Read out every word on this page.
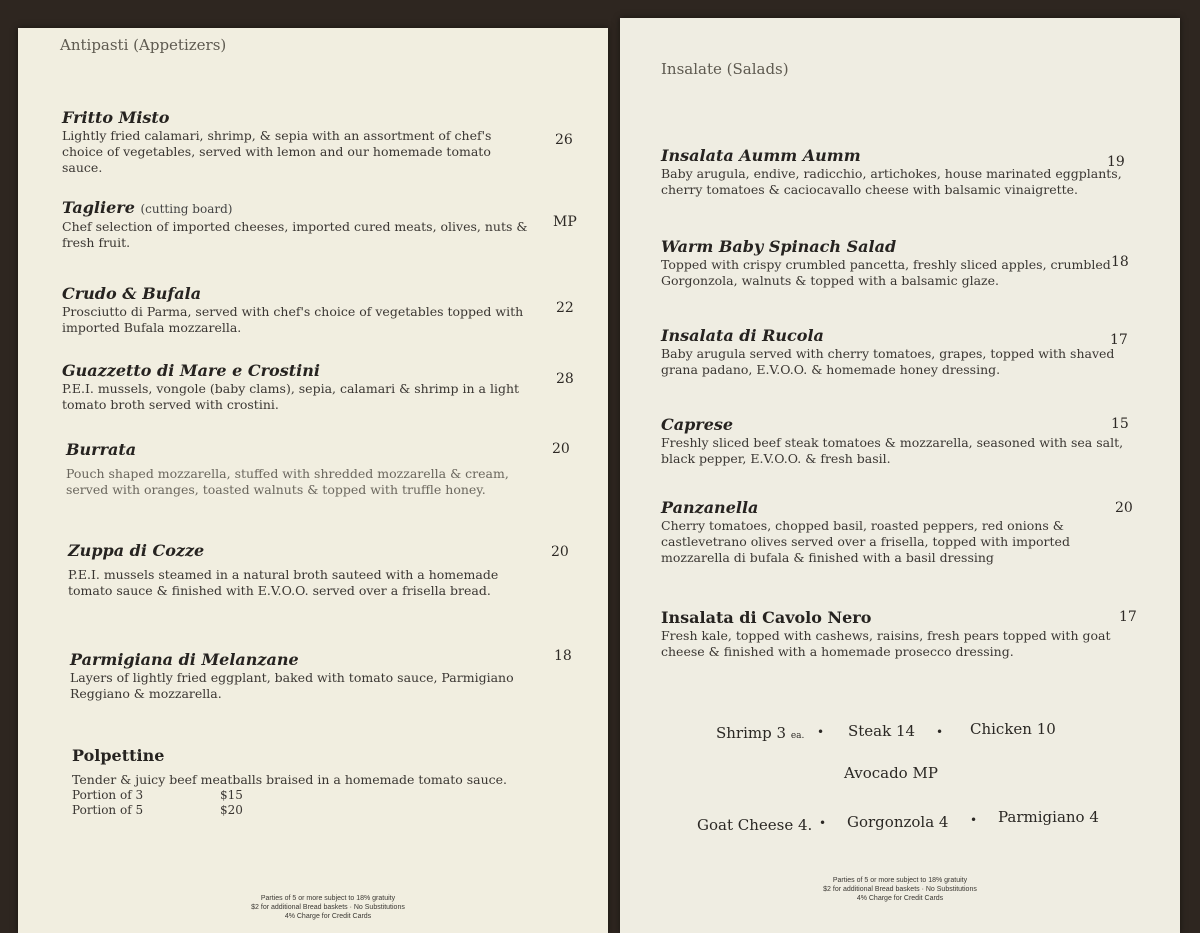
Antipasti (Appetizers)
Fritto Misto
Lightly fried calamari, shrimp, & sepia with an assortment of chef's choice of vegetables, served with lemon and our homemade tomato sauce.
26
Tagliere (cutting board)
Chef selection of imported cheeses, imported cured meats, olives, nuts & fresh fruit.
MP
Crudo & Bufala
Prosciutto di Parma, served with chef's choice of vegetables topped with imported Bufala mozzarella.
22
Guazzetto di Mare e Crostini
P.E.I. mussels, vongole (baby clams), sepia, calamari & shrimp in a light tomato broth served with crostini.
28
Burrata
Pouch shaped mozzarella, stuffed with shredded mozzarella & cream, served with oranges, toasted walnuts & topped with truffle honey.
20
Zuppa di Cozze
P.E.I. mussels steamed in a natural broth sauteed with a homemade tomato sauce & finished with E.V.O.O. served over a frisella bread.
20
Parmigiana di Melanzane
Layers of lightly fried eggplant, baked with tomato sauce, Parmigiano Reggiano & mozzarella.
18
Polpettine
Tender & juicy beef meatballs braised in a homemade tomato sauce.
Portion of 3	$15
Portion of 5	$20
Parties of 5 or more subject to 18% gratuity
$2 for additional Bread baskets · No Substitutions
4% Charge for Credit Cards
Insalate (Salads)
Insalata Aumm Aumm
Baby arugula, endive, radicchio, artichokes, house marinated eggplants, cherry tomatoes & caciocavallo cheese with balsamic vinaigrette.
19
Warm Baby Spinach Salad
Topped with crispy crumbled pancetta, freshly sliced apples, crumbled Gorgonzola, walnuts & topped with a balsamic glaze.
18
Insalata di Rucola
Baby arugula served with cherry tomatoes, grapes, topped with shaved grana padano, E.V.O.O. & homemade honey dressing.
17
Caprese
Freshly sliced beef steak tomatoes & mozzarella, seasoned with sea salt, black pepper, E.V.O.O. & fresh basil.
15
Panzanella
Cherry tomatoes, chopped basil, roasted peppers, red onions & castlevetrano olives served over a frisella, topped with imported mozzarella di bufala & finished with a basil dressing
20
Insalata di Cavolo Nero
Fresh kale, topped with cashews, raisins, fresh pears topped with goat cheese & finished with a homemade prosecco dressing.
17
Shrimp 3 ea. • Steak 14 • Chicken 10
Avocado MP
Goat Cheese 4. • Gorgonzola 4 • Parmigiano 4
Parties of 5 or more subject to 18% gratuity
$2 for additional Bread baskets · No Substitutions
4% Charge for Credit Cards
